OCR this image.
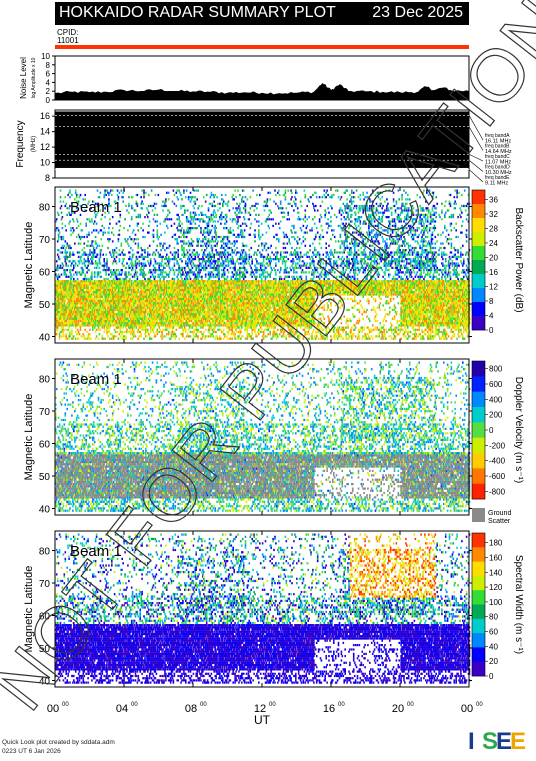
HOKKAIDO RADAR SUMMARY PLOT 23 Dec 2025
CPID:
11001
0
2
4
6
8
10
Noise Level log Amplitude x 10
freq bandA
16.11 MHz
freq bandB
14.64 MHz
freq bandC
11.07 MHz
freq bandD
10.30 MHz
freq bandE
9.11 MHz
8
10
12
14
16
Frequency (MHz)
Beam 1
40
50
60
70
80
Magnetic Latitude
0
4
8
12
16
20
24
28
32
36
Backscatter Power (dB)
Beam 1
40
50
60
70
80
Magnetic Latitude
800
600
400
200
0
-200
-400
-600
-800
Doppler Velocity (m s⁻¹)
Ground
Scatter
Beam 1
40
50
60
70
80
Magnetic Latitude
0
20
40
60
80
100
120
140
160
180
Spectral Width (m s⁻¹)
00 00	04 00	08 00	12 00	16 00	20 00	00 00
UT
NOT FOR PUBLICATION
Quick Look plot created by sddata.adm
0223 UT 6 Jan 2026	I S
E
E
